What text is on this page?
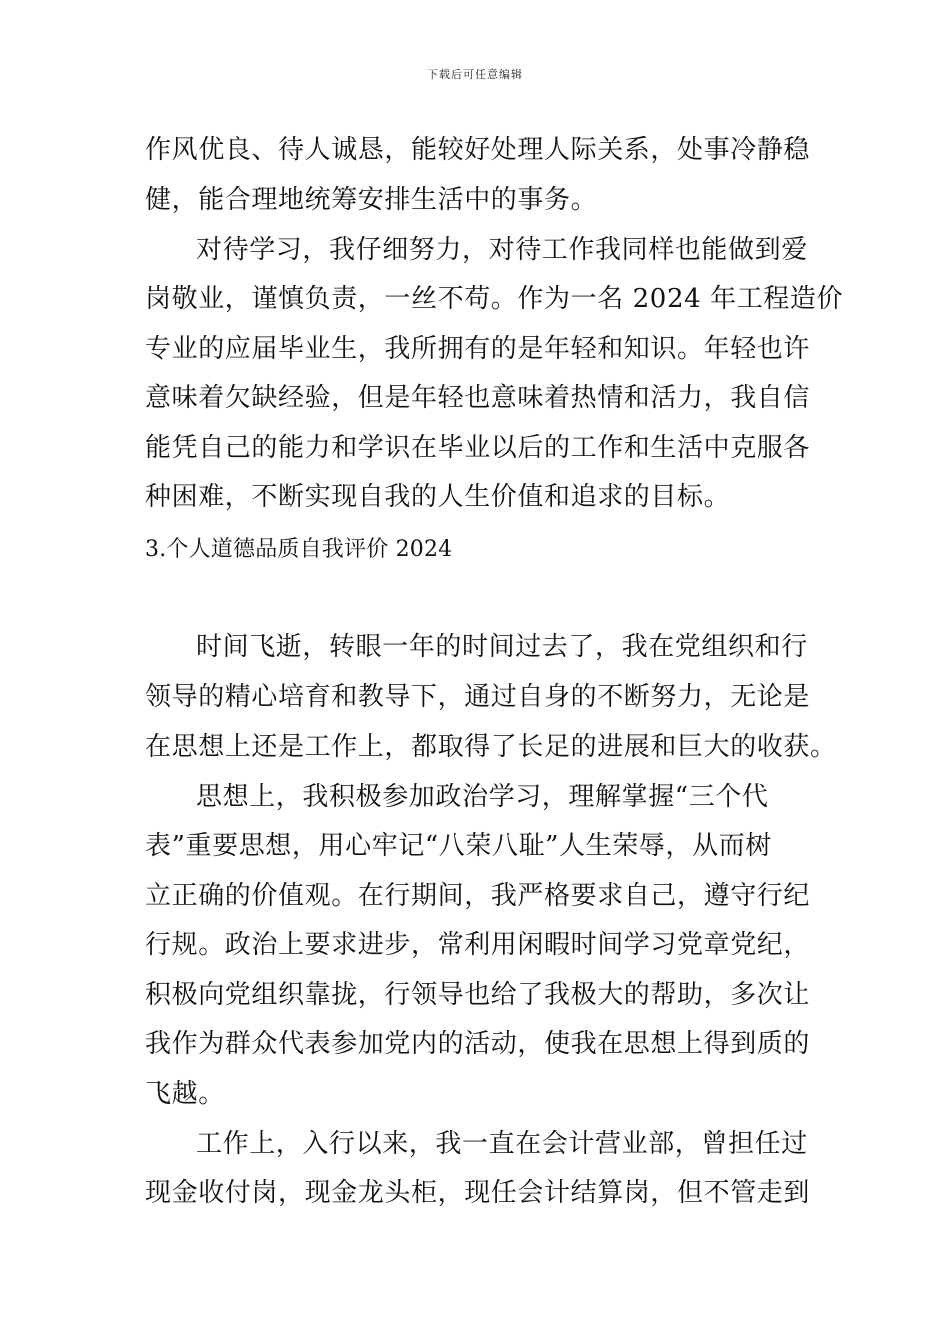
下载后可任意编辑
作风优良、待人诚恳，能较好处理人际关系，处事冷静稳
健，能合理地统筹安排生活中的事务。
对待学习，我仔细努力，对待工作我同样也能做到爱
岗敬业，谨慎负责，一丝不苟。作为一名 2024 年工程造价
专业的应届毕业生，我所拥有的是年轻和知识。年轻也许
意味着欠缺经验，但是年轻也意味着热情和活力，我自信
能凭自己的能力和学识在毕业以后的工作和生活中克服各
种困难，不断实现自我的人生价值和追求的目标。
3.个人道德品质自我评价 2024
时间飞逝，转眼一年的时间过去了，我在党组织和行
领导的精心培育和教导下，通过自身的不断努力，无论是
在思想上还是工作上，都取得了长足的进展和巨大的收获。
思想上，我积极参加政治学习，理解掌握“三个代
表”重要思想，用心牢记“八荣八耻”人生荣辱，从而树
立正确的价值观。在行期间，我严格要求自己，遵守行纪
行规。政治上要求进步，常利用闲暇时间学习党章党纪，
积极向党组织靠拢，行领导也给了我极大的帮助，多次让
我作为群众代表参加党内的活动，使我在思想上得到质的
飞越。
工作上，入行以来，我一直在会计营业部，曾担任过
现金收付岗，现金龙头柜，现任会计结算岗，但不管走到
